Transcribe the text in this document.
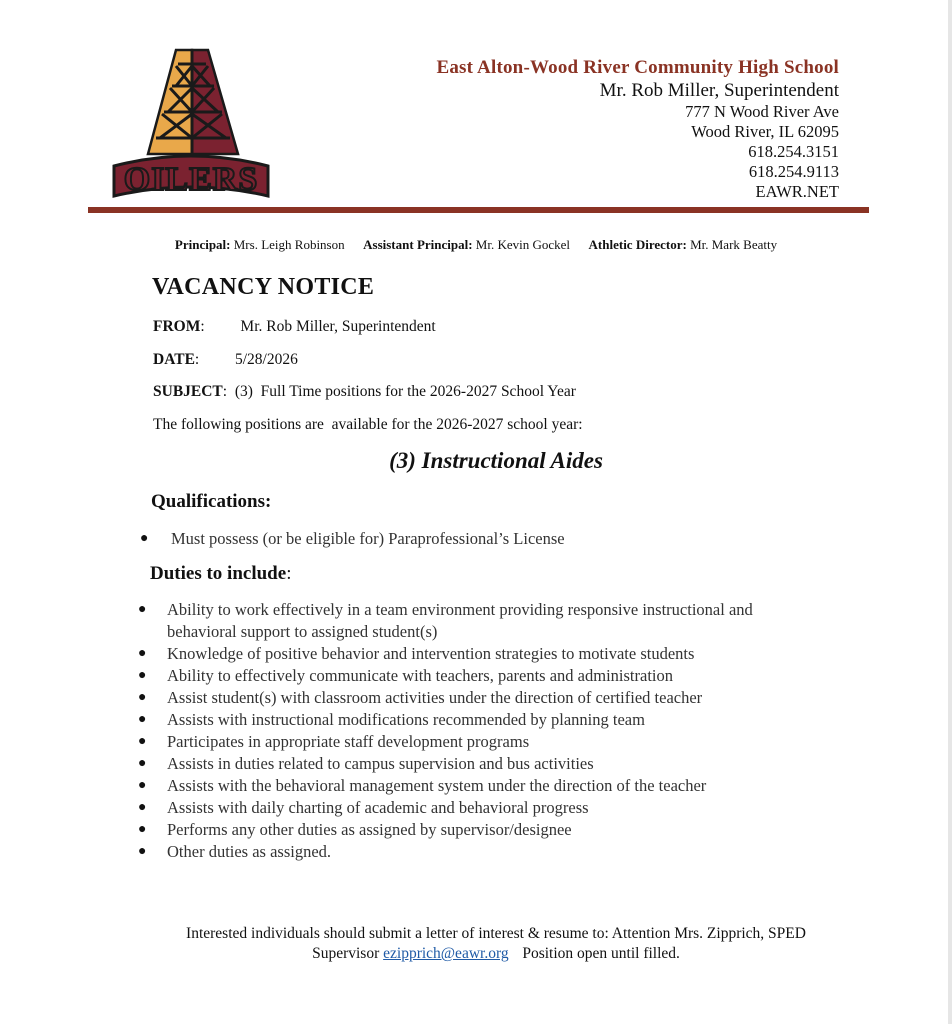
OILERS
East Alton-Wood River Community High School
Mr. Rob Miller, Superintendent
777 N Wood River Ave
Wood River, IL 62095
618.254.3151
618.254.9113
EAWR.NET
Principal: Mrs. Leigh Robinson Assistant Principal: Mr. Kevin Gockel Athletic Director: Mr. Mark Beatty
VACANCY NOTICE
FROM: Mr. Rob Miller, Superintendent
DATE: 5/28/2026
SUBJECT:  (3)  Full Time positions for the 2026-2027 School Year
The following positions are  available for the 2026-2027 school year:
(3) Instructional Aides
Qualifications:
● Must possess (or be eligible for) Paraprofessional’s License
Duties to include:
● Ability to work effectively in a team environment providing responsive instructional and behavioral support to assigned student(s)
● Knowledge of positive behavior and intervention strategies to motivate students
● Ability to effectively communicate with teachers, parents and administration
● Assist student(s) with classroom activities under the direction of certified teacher
● Assists with instructional modifications recommended by planning team
● Participates in appropriate staff development programs
● Assists in duties related to campus supervision and bus activities
● Assists with the behavioral management system under the direction of the teacher
● Assists with daily charting of academic and behavioral progress
● Performs any other duties as assigned by supervisor/designee
● Other duties as assigned.
Interested individuals should submit a letter of interest & resume to: Attention Mrs. Zipprich, SPED
Supervisor ezipprich@eawr.org Position open until filled.
